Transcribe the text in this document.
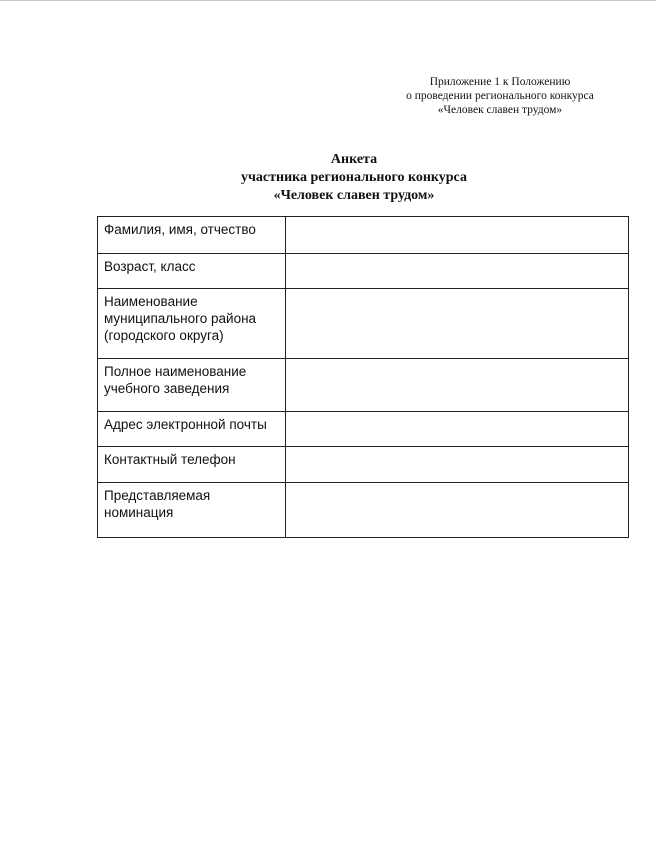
Приложение 1 к Положению
о проведении регионального конкурса
«Человек славен трудом»
Анкета
участника регионального конкурса
«Человек славен трудом»
Фамилия, имя, отчество	

Возраст, класс	

Наименование
муниципального района
(городского округа)	

Полное наименование
учебного заведения	

Адрес электронной почты	

Контактный телефон	

Представляемая
номинация	
